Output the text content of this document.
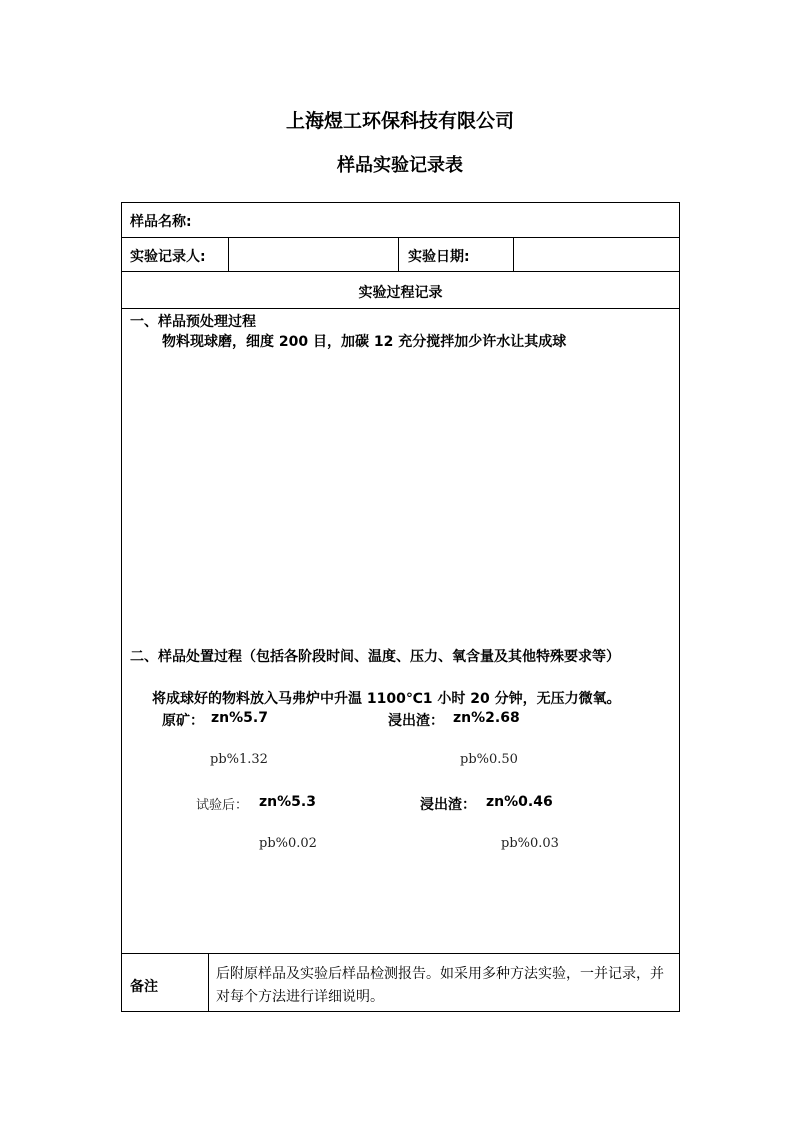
上海煜工环保科技有限公司
样品实验记录表
样品名称:
实验记录人:	实验日期:
实验过程记录
一、样品预处理过程
物料现球磨，细度 200 目，加碳 12 充分搅拌加少许水让其成球
二、样品处置过程（包括各阶段时间、温度、压力、氧含量及其他特殊要求等）
将成球好的物料放入马弗炉中升温 1100℃1 小时 20 分钟，无压力微氧。
原矿： zn%5.7	浸出渣： zn%2.68
pb%1.32	pb%0.50
试验后： zn%5.3	浸出渣： zn%0.46
pb%0.02	pb%0.03
备注
后附原样品及实验后样品检测报告。如采用多种方法实验，一并记录，并对每个方法进行详细说明。
